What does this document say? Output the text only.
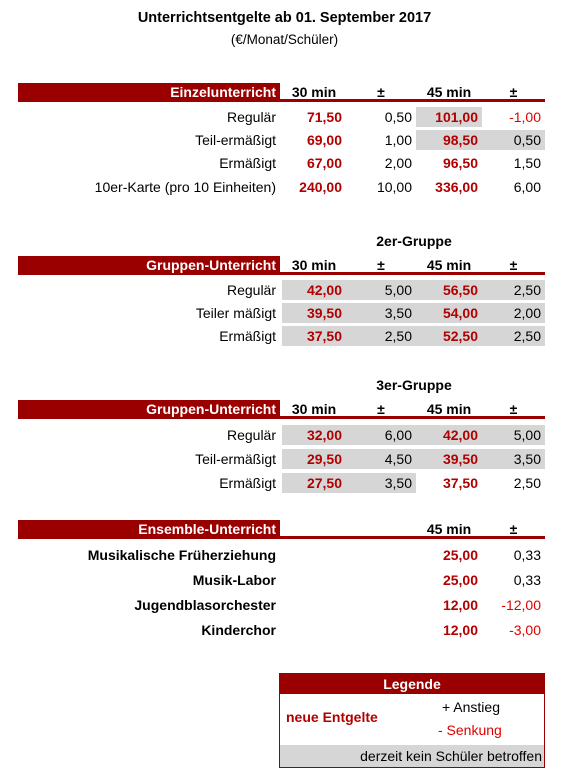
Unterrichtsentgelte ab 01. September 2017
(€/Monat/Schüler)
Einzelunterricht	30 min	±	45 min	±
Regulär	71,50	0,50	101,00	-1,00
Teil-ermäßigt	69,00	1,00	98,50	0,50
Ermäßigt	67,00	2,00	96,50	1,50
10er-Karte (pro 10 Einheiten)	240,00	10,00	336,00	6,00
2er-Gruppe
Gruppen-Unterricht	30 min	±	45 min	±
Regulär	42,00	5,00	56,50	2,50
Teiler mäßigt	39,50	3,50	54,00	2,00
Ermäßigt	37,50	2,50	52,50	2,50
3er-Gruppe
Gruppen-Unterricht	30 min	±	45 min	±
Regulär	32,00	6,00	42,00	5,00
Teil-ermäßigt	29,50	4,50	39,50	3,50
Ermäßigt	27,50	3,50	37,50	2,50
Ensemble-Unterricht	45 min	±
Musikalische Früherziehung	25,00	0,33
Musik-Labor	25,00	0,33
Jugendblasorchester	12,00	-12,00
Kinderchor	12,00	-3,00
Legende
neue Entgelte
+ Anstieg
- Senkung
derzeit kein Schüler betroffen
